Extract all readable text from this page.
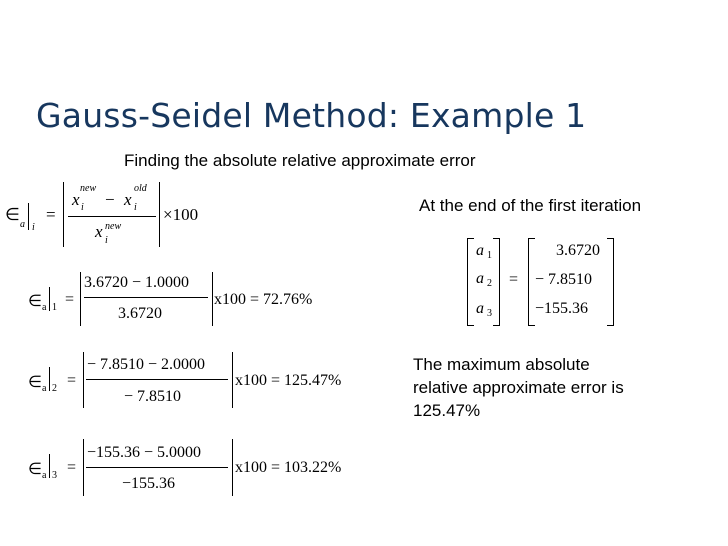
Gauss-Seidel Method: Example 1
Finding the absolute relative approximate error
At the end of the first iteration
The maximum absolute
relative approximate error is
125.47%
∈
a i
=
x
new
i − x
old
i
x new
i
×100
∈ a 1 =
3.6720 − 1.0000
3.6720
x100 = 72.76%
∈ a 2 =
− 7.8510 − 2.0000
− 7.8510
x100 = 125.47%
∈ a 3 =
−155.36 − 5.0000
−155.36
x100 = 103.22%
a 1
a 2
a 3
=
3.6720
− 7.8510
−155.36
